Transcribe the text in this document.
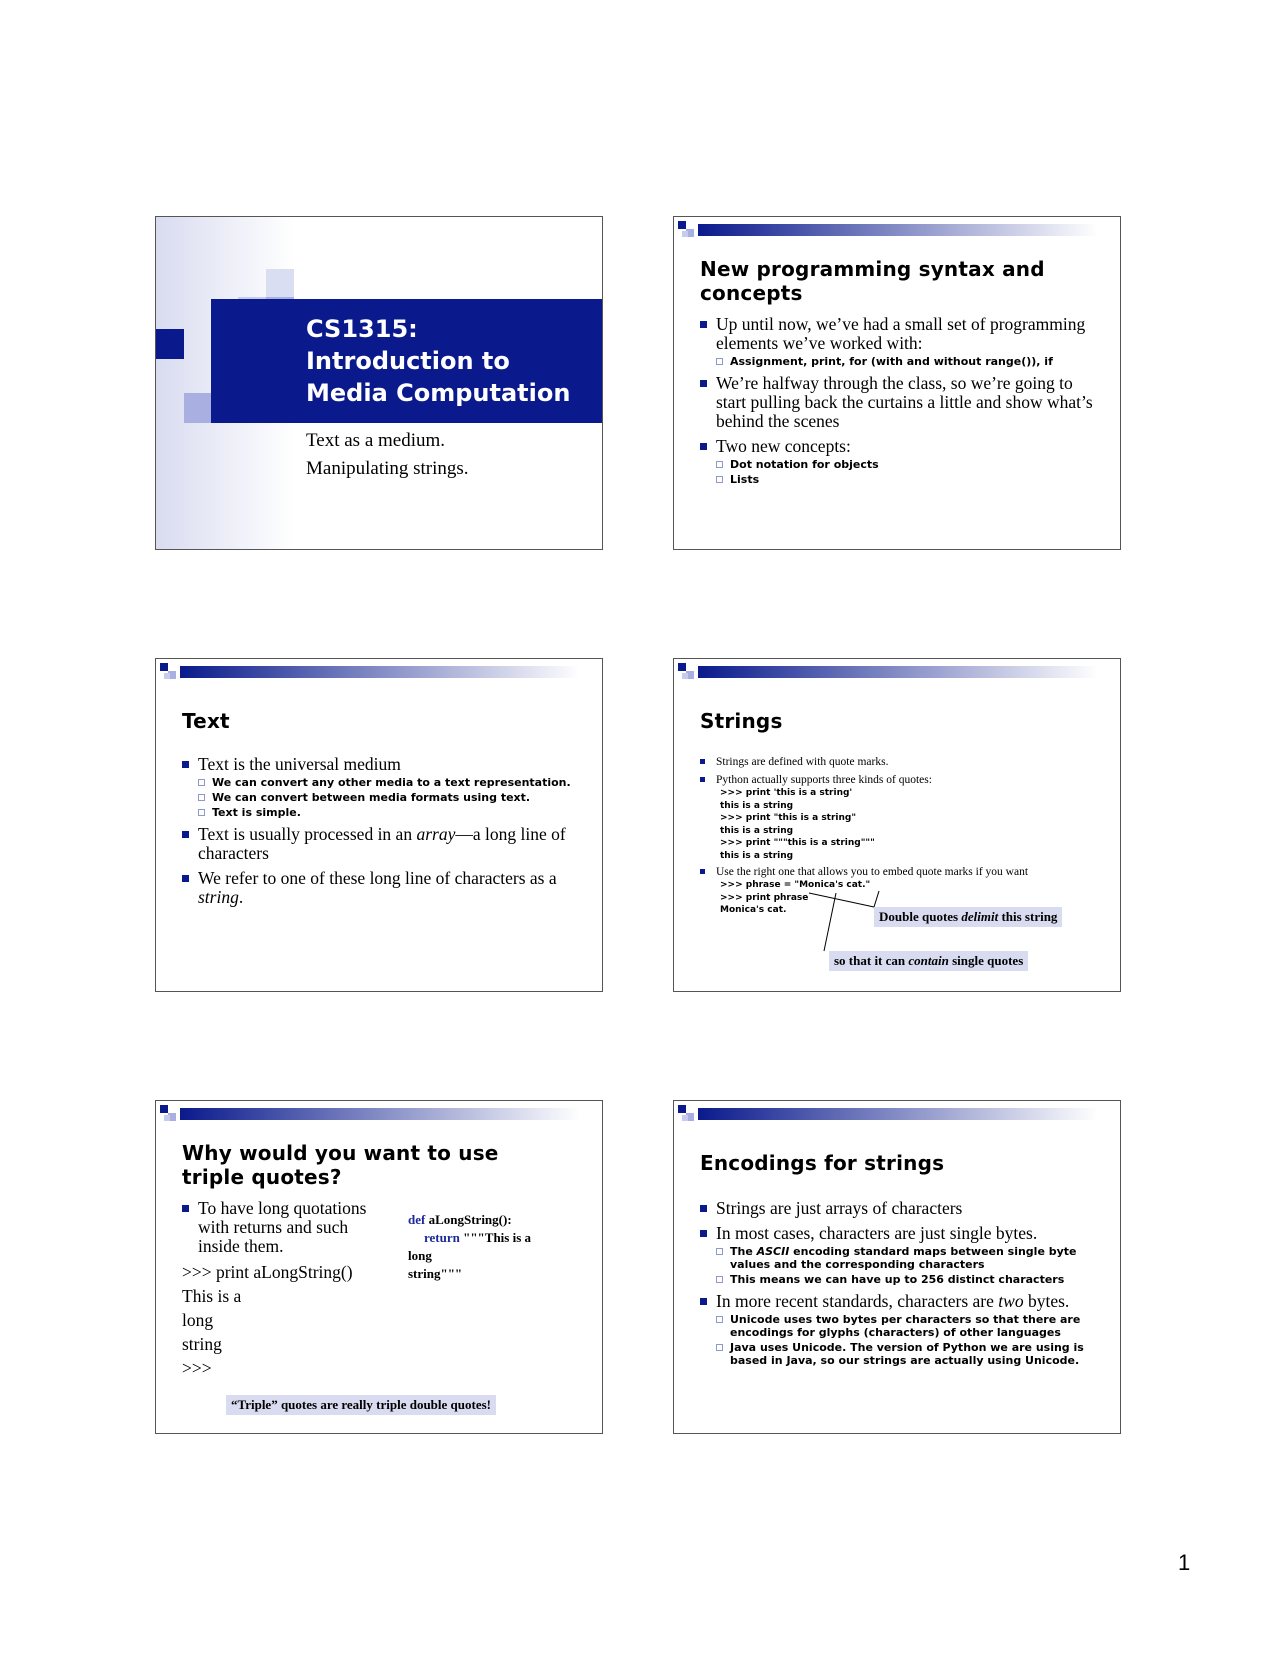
CS1315:
Introduction to
Media Computation
Text as a medium.
Manipulating strings.
New programming syntax and concepts
Up until now, we’ve had a small set of programming elements we’ve worked with:
Assignment, print, for (with and without range()), if
We’re halfway through the class, so we’re going to start pulling back the curtains a little and show what’s behind the scenes
Two new concepts:
Dot notation for objects
Lists
Text
Text is the universal medium
We can convert any other media to a text representation.
We can convert between media formats using text.
Text is simple.
Text is usually processed in an array—a long line of characters
We refer to one of these long line of characters as a string.
Strings
Strings are defined with quote marks.
Python actually supports three kinds of quotes:
>>> print 'this is a string'
this is a string
>>> print "this is a string"
this is a string
>>> print """this is a string"""
this is a string
Use the right one that allows you to embed quote marks if you want
>>> phrase = "Monica's cat."
>>> print phrase
Monica's cat.	Double quotes delimit this string
so that it can contain single quotes
Why would you want to use triple quotes?
To have long quotations with returns and such inside them.
>>> print aLongString()
This is a
long
string
>>>
def aLongString():
return """This is a
long
string"""
“Triple” quotes are really triple double quotes!
Encodings for strings
Strings are just arrays of characters
In most cases, characters are just single bytes.
The ASCII encoding standard maps between single byte values and the corresponding characters
This means we can have up to 256 distinct characters
In more recent standards, characters are two bytes.
Unicode uses two bytes per characters so that there are encodings for glyphs (characters) of other languages
Java uses Unicode. The version of Python we are using is based in Java, so our strings are actually using Unicode.
1
